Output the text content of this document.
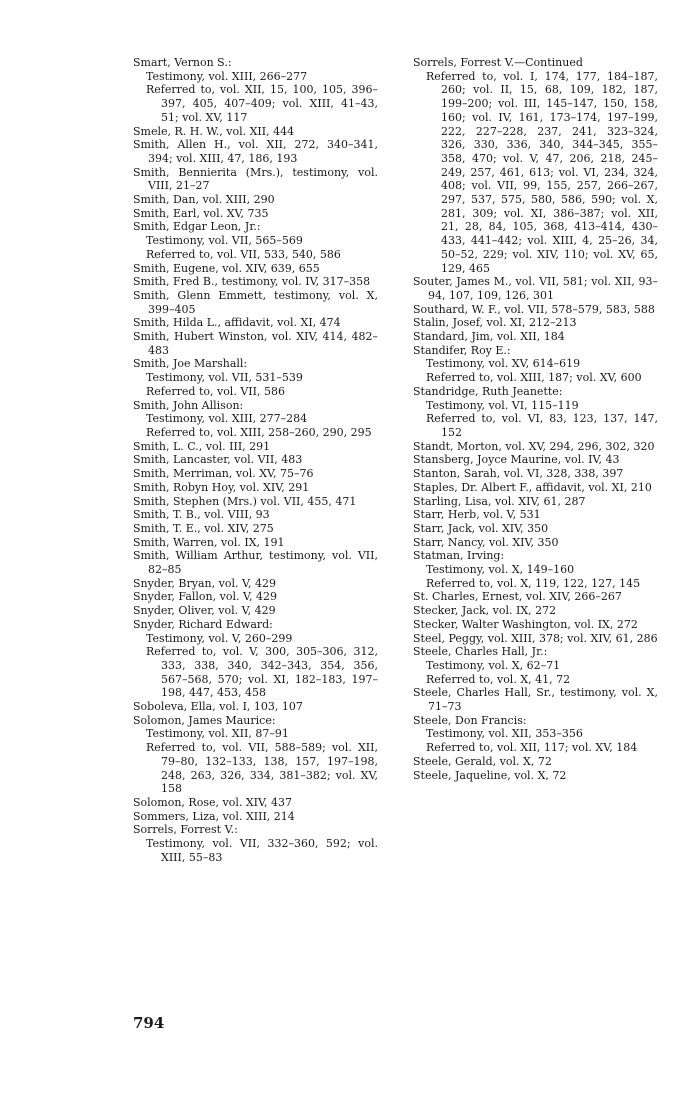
Smart, Vernon S.:
Testimony, vol. XIII, 266–277
Referred to, vol. XII, 15, 100, 105, 396–397, 405, 407–409; vol. XIII, 41–43, 51; vol. XV, 117
Smele, R. H. W., vol. XII, 444
Smith, Allen H., vol. XII, 272, 340–341, 394; vol. XIII, 47, 186, 193
Smith, Bennierita (Mrs.), testimony, vol. VIII, 21–27
Smith, Dan, vol. XIII, 290
Smith, Earl, vol. XV, 735
Smith, Edgar Leon, Jr.:
Testimony, vol. VII, 565–569
Referred to, vol. VII, 533, 540, 586
Smith, Eugene, vol. XIV, 639, 655
Smith, Fred B., testimony, vol. IV, 317–358
Smith, Glenn Emmett, testimony, vol. X, 399–405
Smith, Hilda L., affidavit, vol. XI, 474
Smith, Hubert Winston, vol. XIV, 414, 482–483
Smith, Joe Marshall:
Testimony, vol. VII, 531–539
Referred to, vol. VII, 586
Smith, John Allison:
Testimony, vol. XIII, 277–284
Referred to, vol. XIII, 258–260, 290, 295
Smith, L. C., vol. III, 291
Smith, Lancaster, vol. VII, 483
Smith, Merriman, vol. XV, 75–76
Smith, Robyn Hoy, vol. XIV, 291
Smith, Stephen (Mrs.) vol. VII, 455, 471
Smith, T. B., vol. VIII, 93
Smith, T. E., vol. XIV, 275
Smith, Warren, vol. IX, 191
Smith, William Arthur, testimony, vol. VII, 82–85
Snyder, Bryan, vol. V, 429
Snyder, Fallon, vol. V, 429
Snyder, Oliver, vol. V, 429
Snyder, Richard Edward:
Testimony, vol. V, 260–299
Referred to, vol. V, 300, 305–306, 312, 333, 338, 340, 342–343, 354, 356, 567–568, 570; vol. XI, 182–183, 197–198, 447, 453, 458
Soboleva, Ella, vol. I, 103, 107
Solomon, James Maurice:
Testimony, vol. XII, 87–91
Referred to, vol. VII, 588–589; vol. XII, 79–80, 132–133, 138, 157, 197–198, 248, 263, 326, 334, 381–382; vol. XV, 158
Solomon, Rose, vol. XIV, 437
Sommers, Liza, vol. XIII, 214
Sorrels, Forrest V.:
Testimony, vol. VII, 332–360, 592; vol. XIII, 55–83
Sorrels, Forrest V.—Continued
Referred to, vol. I, 174, 177, 184–187, 260; vol. II, 15, 68, 109, 182, 187, 199–200; vol. III, 145–147, 150, 158, 160; vol. IV, 161, 173–174, 197–199, 222, 227–228, 237, 241, 323–324, 326, 330, 336, 340, 344–345, 355–358, 470; vol. V, 47, 206, 218, 245–249, 257, 461, 613; vol. VI, 234, 324, 408; vol. VII, 99, 155, 257, 266–267, 297, 537, 575, 580, 586, 590; vol. X, 281, 309; vol. XI, 386–387; vol. XII, 21, 28, 84, 105, 368, 413–414, 430–433, 441–442; vol. XIII, 4, 25–26, 34, 50–52, 229; vol. XIV, 110; vol. XV, 65, 129, 465
Souter, James M., vol. VII, 581; vol. XII, 93–94, 107, 109, 126, 301
Southard, W. F., vol. VII, 578–579, 583, 588
Stalin, Josef, vol. XI, 212–213
Standard, Jim, vol. XII, 184
Standifer, Roy E.:
Testimony, vol. XV, 614–619
Referred to, vol. XIII, 187; vol. XV, 600
Standridge, Ruth Jeanette:
Testimony, vol. VI, 115–119
Referred to, vol. VI, 83, 123, 137, 147, 152
Standt, Morton, vol. XV, 294, 296, 302, 320
Stansberg, Joyce Maurine, vol. IV, 43
Stanton, Sarah, vol. VI, 328, 338, 397
Staples, Dr. Albert F., affidavit, vol. XI, 210
Starling, Lisa, vol. XIV, 61, 287
Starr, Herb, vol. V, 531
Starr, Jack, vol. XIV, 350
Starr, Nancy, vol. XIV, 350
Statman, Irving:
Testimony, vol. X, 149–160
Referred to, vol. X, 119, 122, 127, 145
St. Charles, Ernest, vol. XIV, 266–267
Stecker, Jack, vol. IX, 272
Stecker, Walter Washington, vol. IX, 272
Steel, Peggy, vol. XIII, 378; vol. XIV, 61, 286
Steele, Charles Hall, Jr.:
Testimony, vol. X, 62–71
Referred to, vol. X, 41, 72
Steele, Charles Hall, Sr., testimony, vol. X, 71–73
Steele, Don Francis:
Testimony, vol. XII, 353–356
Referred to, vol. XII, 117; vol. XV, 184
Steele, Gerald, vol. X, 72
Steele, Jaqueline, vol. X, 72
794
